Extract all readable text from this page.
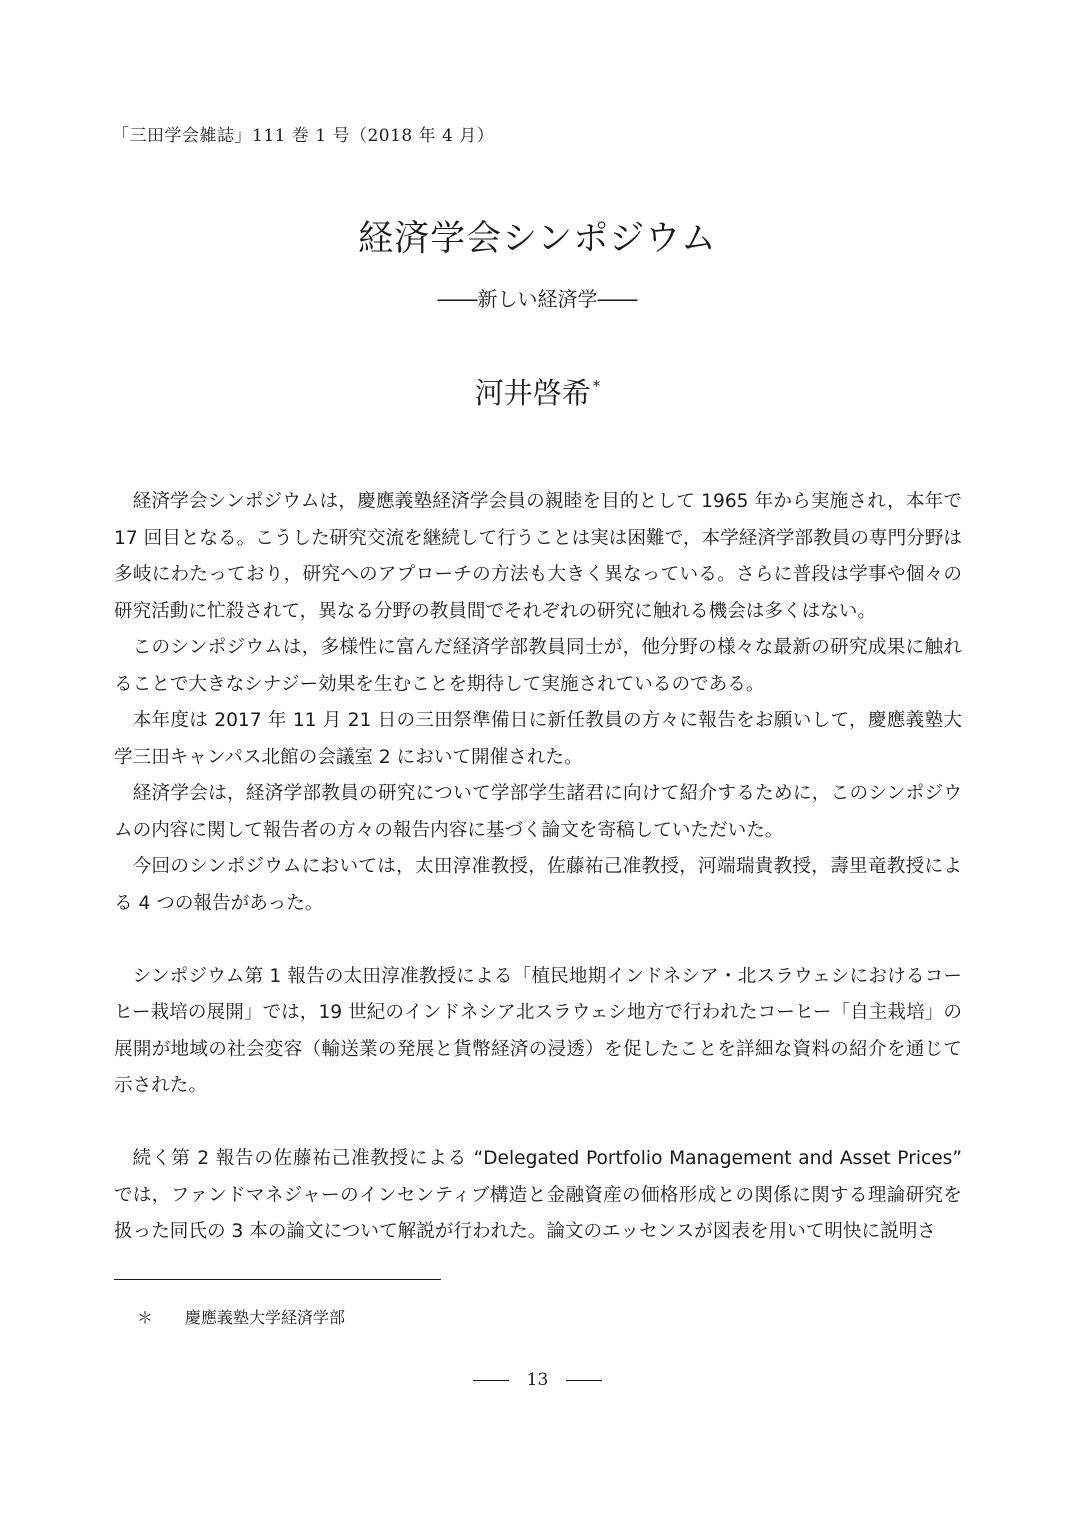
「三田学会雑誌」111 巻 1 号（2018 年 4 月）
経済学会シンポジウム
――新しい経済学――
河井啓希 *

経済学会シンポジウムは，慶應義塾経済学会員の親睦を目的として 1965 年から実施され，本年で 17 回目となる。こうした研究交流を継続して行うことは実は困難で，本学経済学部教員の専門分野は多岐にわたっており，研究へのアプローチの方法も大きく異なっている。さらに普段は学事や個々の研究活動に忙殺されて，異なる分野の教員間でそれぞれの研究に触れる機会は多くはない。

このシンポジウムは，多様性に富んだ経済学部教員同士が，他分野の様々な最新の研究成果に触れることで大きなシナジー効果を生むことを期待して実施されているのである。

本年度は 2017 年 11 月 21 日の三田祭準備日に新任教員の方々に報告をお願いして，慶應義塾大学三田キャンパス北館の会議室 2 において開催された。

経済学会は，経済学部教員の研究について学部学生諸君に向けて紹介するために，このシンポジウムの内容に関して報告者の方々の報告内容に基づく論文を寄稿していただいた。

今回のシンポジウムにおいては，太田淳准教授，佐藤祐己准教授，河端瑞貴教授，壽里竜教授による 4 つの報告があった。

シンポジウム第 1 報告の太田淳准教授による「植民地期インドネシア・北スラウェシにおけるコーヒー栽培の展開」では，19 世紀のインドネシア北スラウェシ地方で行われたコーヒー「自主栽培」の展開が地域の社会変容（輸送業の発展と貨幣経済の浸透）を促したことを詳細な資料の紹介を通じて示された。

続く第 2 報告の佐藤祐己准教授による “Delegated Portfolio Management and Asset Prices” では，ファンドマネジャーのインセンティブ構造と金融資産の価格形成との関係に関する理論研究を扱った同氏の 3 本の論文について解説が行われた。論文のエッセンスが図表を用いて明快に説明さ

＊ 慶應義塾大学経済学部
13
